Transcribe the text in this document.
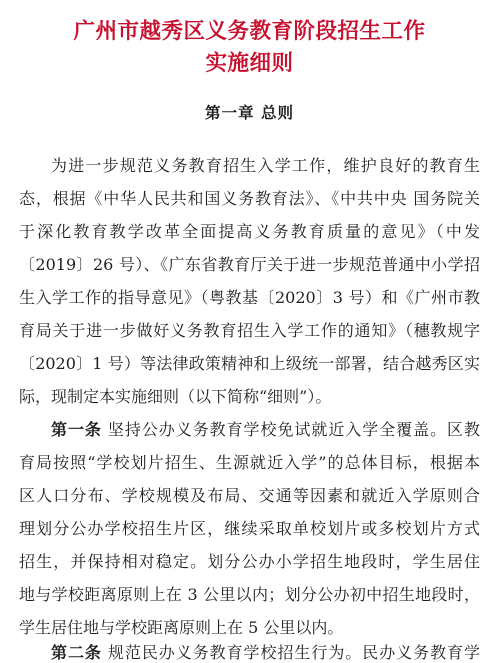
广州市越秀区义务教育阶段招生工作
实施细则
第一章 总则
为进一步规范义务教育招生入学工作，维护良好的教育生
态，根据《中华人民共和国义务教育法》、《中共中央 国务院关
于深化教育教学改革全面提高义务教育质量的意见》（中发
〔2019〕26 号）、《广东省教育厅关于进一步规范普通中小学招
生入学工作的指导意见》（粤教基〔2020〕3 号）和《广州市教
育局关于进一步做好义务教育招生入学工作的通知》（穗教规字
〔2020〕1 号）等法律政策精神和上级统一部署，结合越秀区实
际，现制定本实施细则（以下简称“细则”）。
第一条 坚持公办义务教育学校免试就近入学全覆盖。区教
育局按照“学校划片招生、生源就近入学”的总体目标，根据本
区人口分布、学校规模及布局、交通等因素和就近入学原则合
理划分公办学校招生片区，继续采取单校划片或多校划片方式
招生，并保持相对稳定。划分公办小学招生地段时，学生居住
地与学校距离原则上在 3 公里以内；划分公办初中招生地段时，
学生居住地与学校距离原则上在 5 公里以内。
第二条 规范民办义务教育学校招生行为。民办义务教育学
